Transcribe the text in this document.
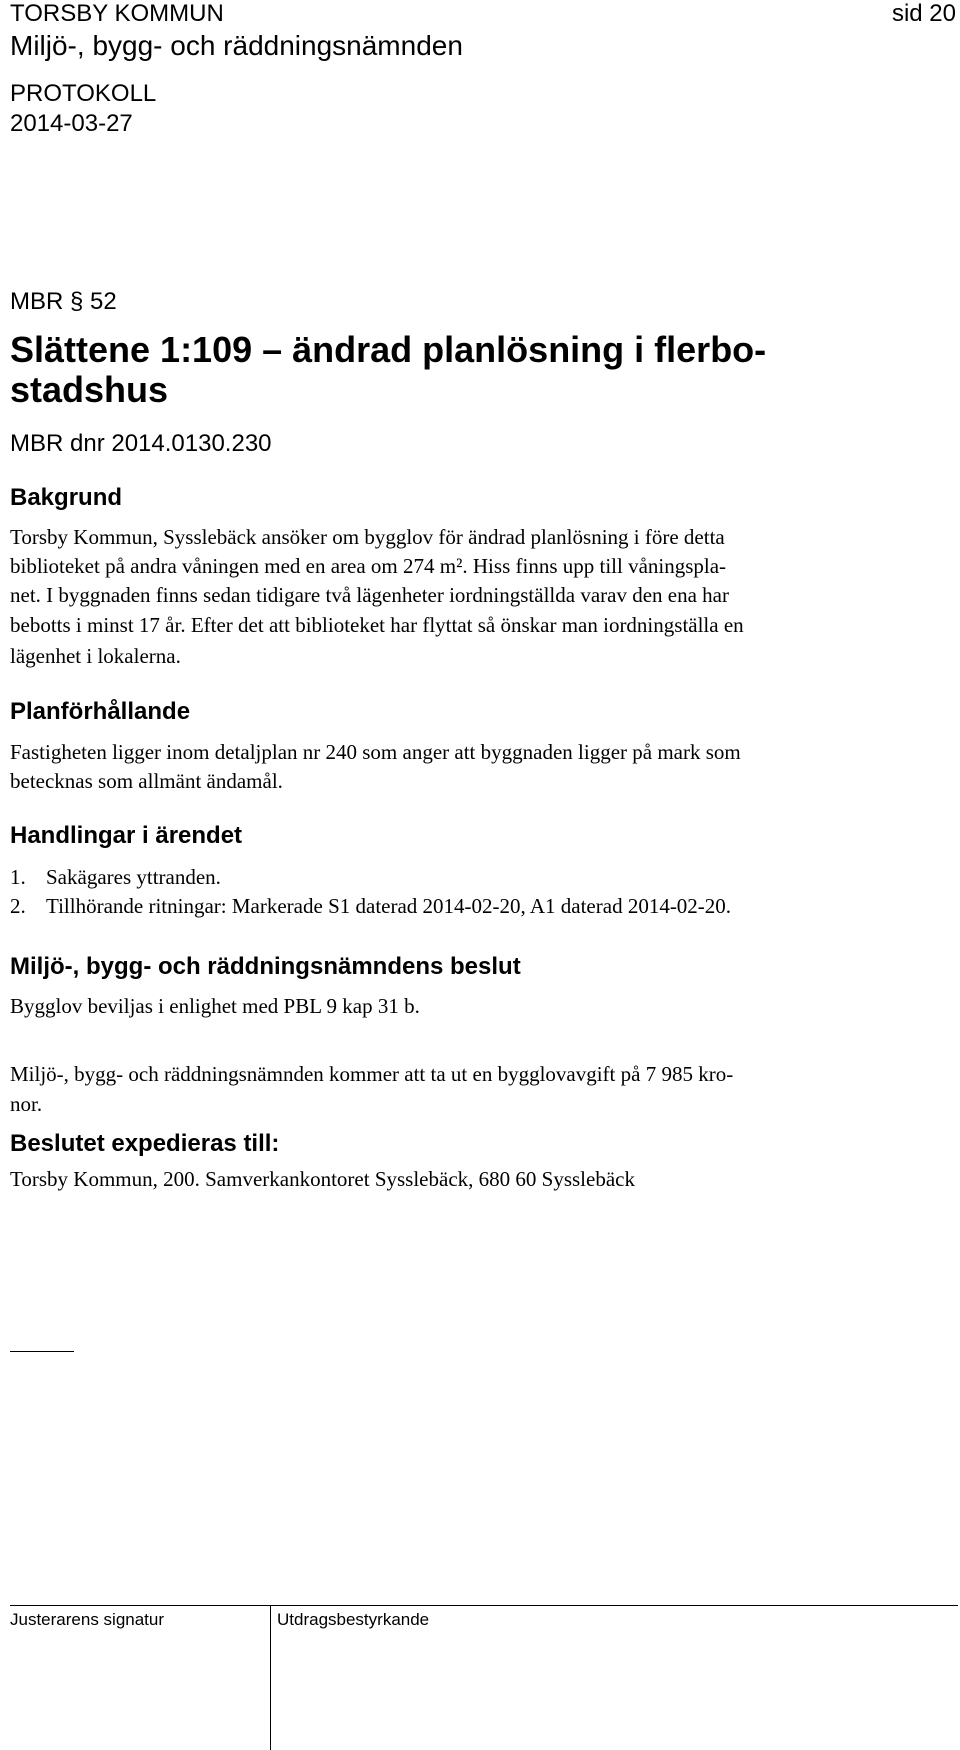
TORSBY KOMMUN	sid 20
Miljö-, bygg- och räddningsnämnden
PROTOKOLL
2014-03-27
MBR § 52
Slättene 1:109 – ändrad planlösning i flerbo-
stadshus
MBR dnr 2014.0130.230
Bakgrund
Torsby Kommun, Sysslebäck ansöker om bygglov för ändrad planlösning i före detta
biblioteket på andra våningen med en area om 274 m². Hiss finns upp till våningspla-
net. I byggnaden finns sedan tidigare två lägenheter iordningställda varav den ena har
bebotts i minst 17 år. Efter det att biblioteket har flyttat så önskar man iordningställa en
lägenhet i lokalerna.
Planförhållande
Fastigheten ligger inom detaljplan nr 240 som anger att byggnaden ligger på mark som
betecknas som allmänt ändamål.
Handlingar i ärendet
1. Sakägares yttranden.
2. Tillhörande ritningar: Markerade S1 daterad 2014-02-20, A1 daterad 2014-02-20.
Miljö-, bygg- och räddningsnämndens beslut
Bygglov beviljas i enlighet med PBL 9 kap 31 b.
Miljö-, bygg- och räddningsnämnden kommer att ta ut en bygglovavgift på 7 985 kro-
nor.
Beslutet expedieras till:
Torsby Kommun, 200. Samverkankontoret Sysslebäck, 680 60 Sysslebäck
Justerarens signatur	Utdragsbestyrkande
